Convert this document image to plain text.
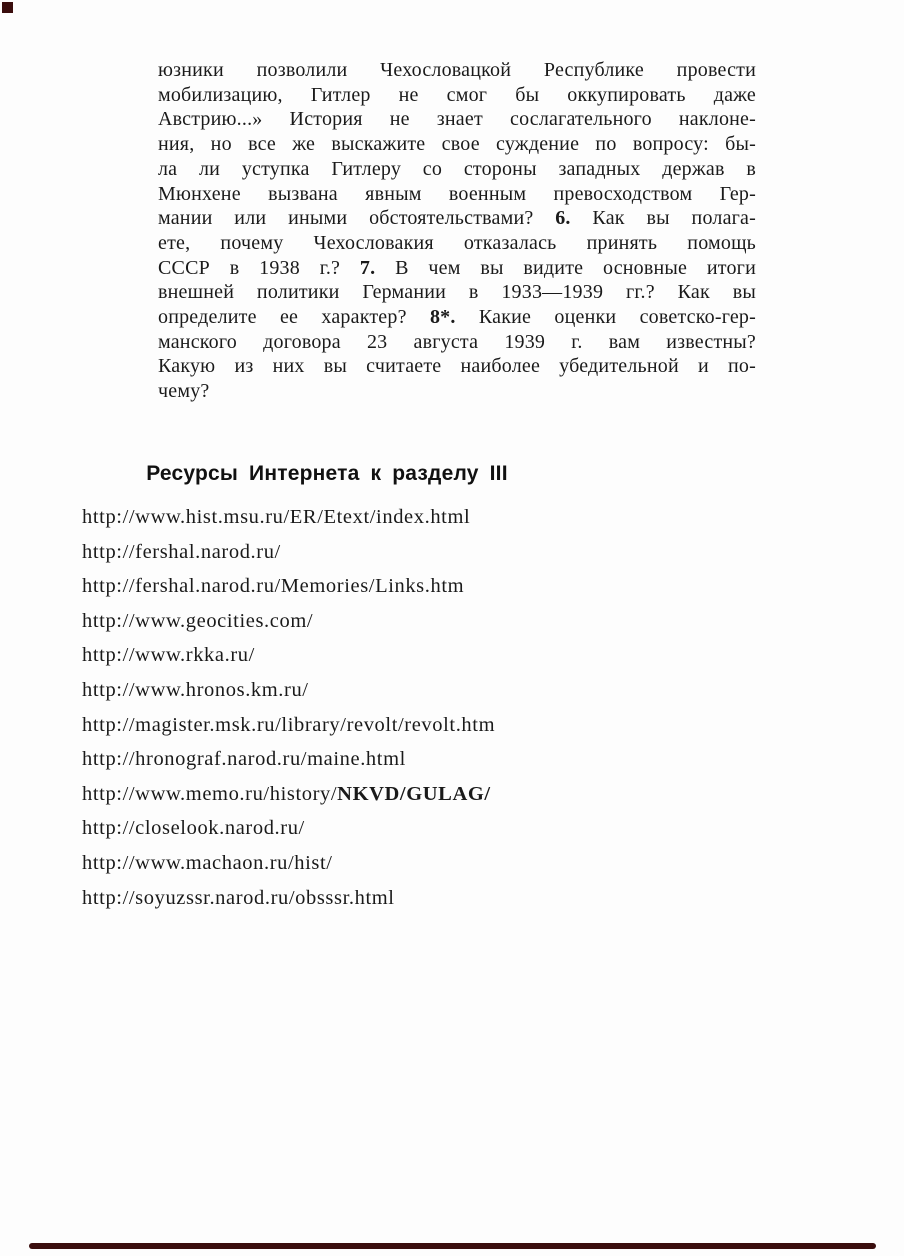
юзники позволили Чехословацкой Республике провести
мобилизацию, Гитлер не смог бы оккупировать даже
Австрию...» История не знает сослагательного наклоне-
ния, но все же выскажите свое суждение по вопросу: бы-
ла ли уступка Гитлеру со стороны западных держав в
Мюнхене вызвана явным военным превосходством Гер-
мании или иными обстоятельствами? 6. Как вы полага-
ете, почему Чехословакия отказалась принять помощь
СССР в 1938 г.? 7. В чем вы видите основные итоги
внешней политики Германии в 1933—1939 гг.? Как вы
определите ее характер? 8*. Какие оценки советско-гер-
манского договора 23 августа 1939 г. вам известны?
Какую из них вы считаете наиболее убедительной и по-
чему?
Ресурсы Интернета к разделу III
http://www.hist.msu.ru/ER/Etext/index.html
http://fershal.narod.ru/
http://fershal.narod.ru/Memories/Links.htm
http://www.geocities.com/
http://www.rkka.ru/
http://www.hronos.km.ru/
http://magister.msk.ru/library/revolt/revolt.htm
http://hronograf.narod.ru/maine.html
http://www.memo.ru/history/NKVD/GULAG/
http://closelook.narod.ru/
http://www.machaon.ru/hist/
http://soyuzssr.narod.ru/obsssr.html
